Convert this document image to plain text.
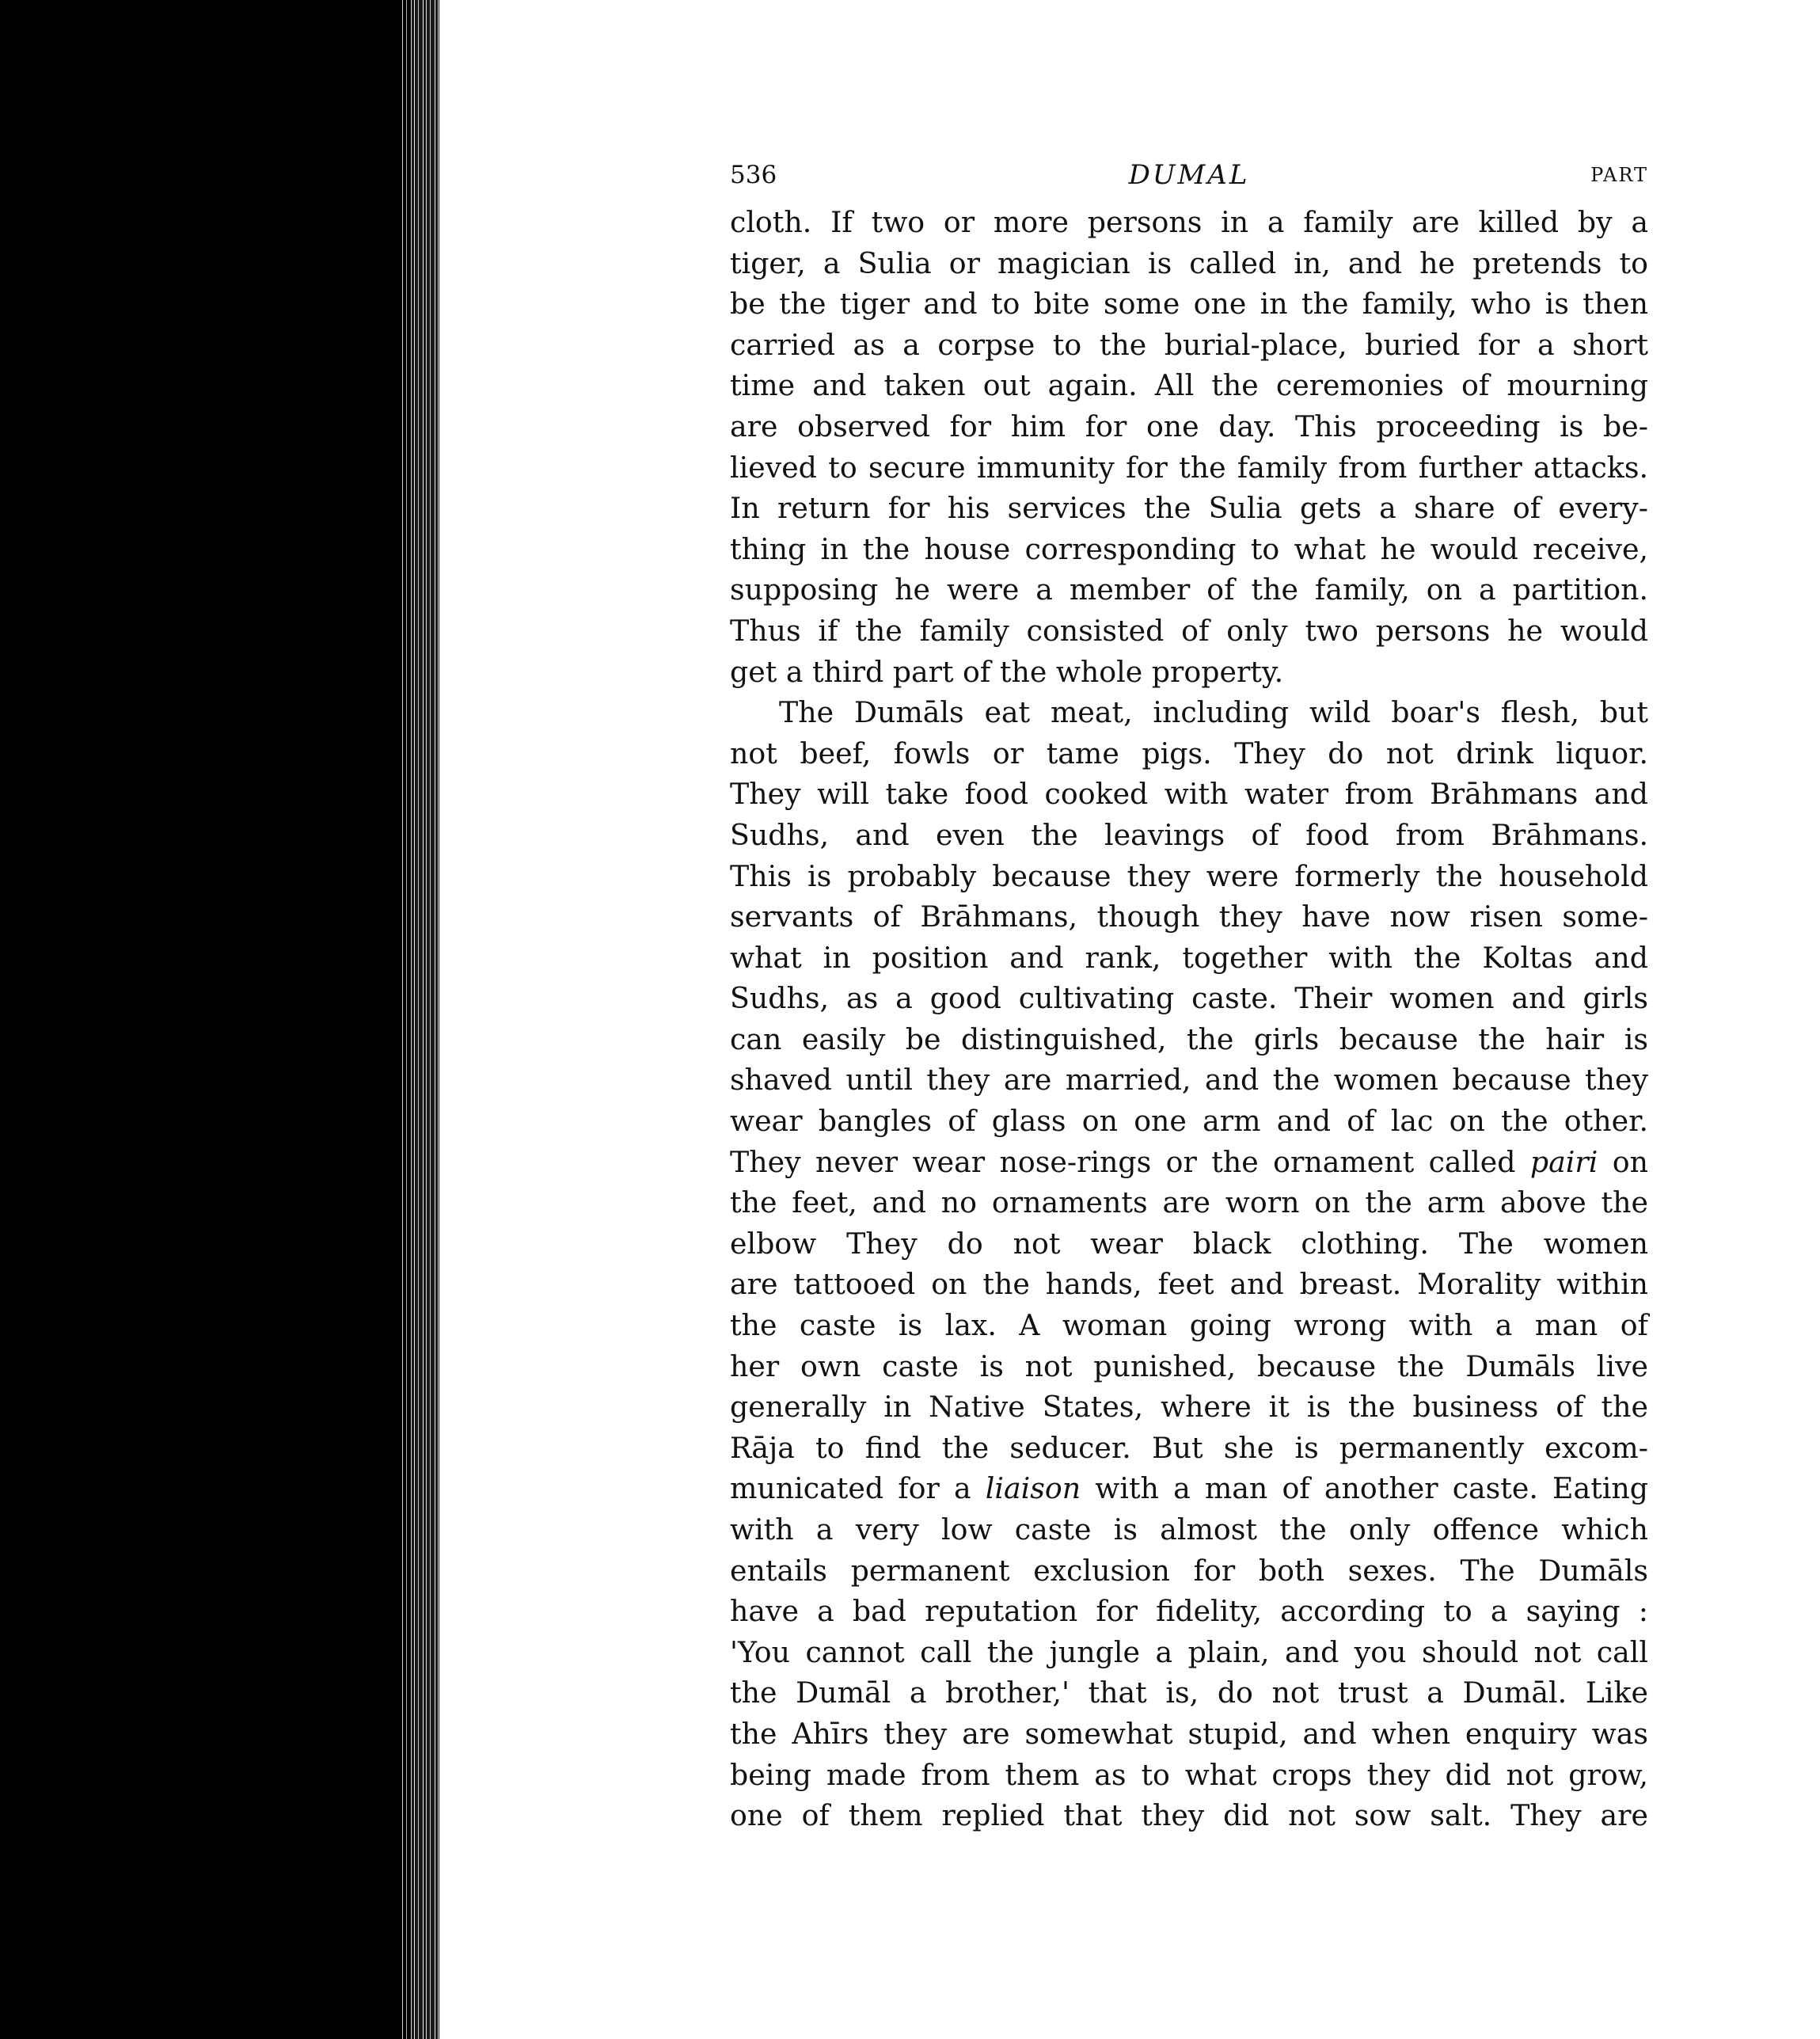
536	DUMAL	PART
cloth. If two or more persons in a family are killed by a
tiger, a Sulia or magician is called in, and he pretends to
be the tiger and to bite some one in the family, who is then
carried as a corpse to the burial-place, buried for a short
time and taken out again. All the ceremonies of mourning
are observed for him for one day. This proceeding is be-
lieved to secure immunity for the family from further attacks.
In return for his services the Sulia gets a share of every-
thing in the house corresponding to what he would receive,
supposing he were a member of the family, on a partition.
Thus if the family consisted of only two persons he would
get a third part of the whole property.
The Dumāls eat meat, including wild boar's flesh, but
not beef, fowls or tame pigs. They do not drink liquor.
They will take food cooked with water from Brāhmans and
Sudhs, and even the leavings of food from Brāhmans.
This is probably because they were formerly the household
servants of Brāhmans, though they have now risen some-
what in position and rank, together with the Koltas and
Sudhs, as a good cultivating caste. Their women and girls
can easily be distinguished, the girls because the hair is
shaved until they are married, and the women because they
wear bangles of glass on one arm and of lac on the other.
They never wear nose-rings or the ornament called pairi on
the feet, and no ornaments are worn on the arm above the
elbow They do not wear black clothing. The women
are tattooed on the hands, feet and breast. Morality within
the caste is lax. A woman going wrong with a man of
her own caste is not punished, because the Dumāls live
generally in Native States, where it is the business of the
Rāja to find the seducer. But she is permanently excom-
municated for a liaison with a man of another caste. Eating
with a very low caste is almost the only offence which
entails permanent exclusion for both sexes. The Dumāls
have a bad reputation for fidelity, according to a saying :
'You cannot call the jungle a plain, and you should not call
the Dumāl a brother,' that is, do not trust a Dumāl. Like
the Ahīrs they are somewhat stupid, and when enquiry was
being made from them as to what crops they did not grow,
one of them replied that they did not sow salt. They are
